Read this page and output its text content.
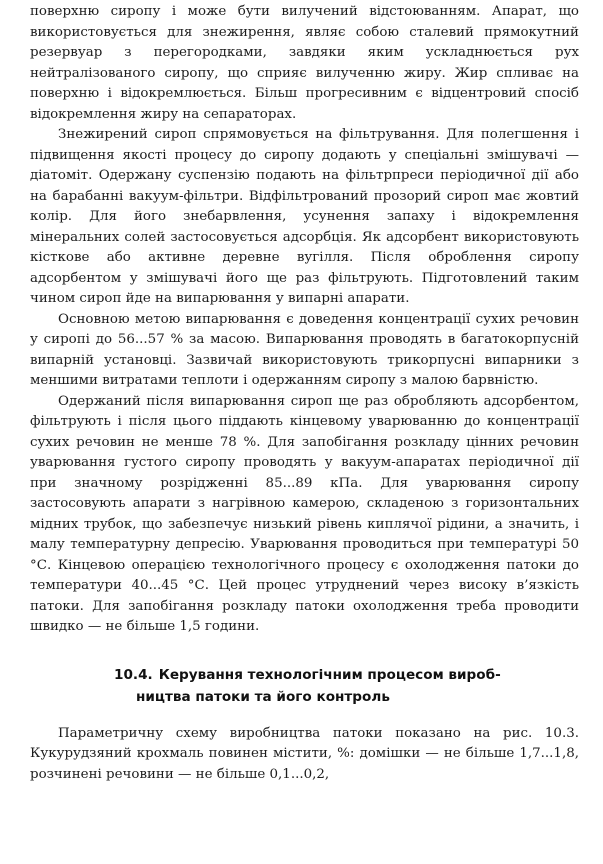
поверхню сиропу і може бути вилучений відстоюванням. Апарат, що використовується для знежирення, являє собою сталевий прямокутний резервуар з перегородками, завдяки яким ускладнюється рух нейтралізованого сиропу, що сприяє вилученню жиру. Жир спливає на поверхню і відокремлюється. Більш прогресивним є відцентровий спосіб відокремлення жиру на сепараторах.

Знежирений сироп спрямовується на фільтрування. Для полегшення і підвищення якості процесу до сиропу додають у спеціальні змішувачі — діатоміт. Одержану суспензію подають на фільтрпреси періодичної дії або на барабанні вакуум-фільтри. Відфільтрований прозорий сироп має жовтий колір. Для його знебарвлення, усунення запаху і відокремлення мінеральних солей застосовується адсорбція. Як адсорбент використовують кісткове або активне деревне вугілля. Після оброблення сиропу адсорбентом у змішувачі його ще раз фільтрують. Підготовлений таким чином сироп йде на випарювання у випарні апарати.

Основною метою випарювання є доведення концентрації сухих речовин у сиропі до 56...57 % за масою. Випарювання проводять в багатокорпусній випарній установці. Зазвичай використовують трикорпусні випарники з меншими витратами теплоти і одержанням сиропу з малою барвністю.

Одержаний після випарювання сироп ще раз обробляють адсорбентом, фільтрують і після цього піддають кінцевому уварюванню до концентрації сухих речовин не менше 78 %. Для запобігання розкладу цінних речовин уварювання густого сиропу проводять у вакуум-апаратах періодичної дії при значному розрідженні 85...89 кПа. Для уварювання сиропу застосовують апарати з нагрівною камерою, складеною з горизонтальних мідних трубок, що забезпечує низький рівень киплячої рідини, а значить, і малу температурну депресію. Уварювання проводиться при температурі 50 °С. Кінцевою операцією технологічного процесу є охолодження патоки до температури 40...45 °С. Цей процес утруднений через високу в’язкість патоки. Для запобігання розкладу патоки охолодження треба проводити швидко — не більше 1,5 години.

10.4. Керування технологічним процесом вироб-
ництва патоки та його контроль

Параметричну схему виробництва патоки показано на рис. 10.3. Кукурудзяний крохмаль повинен містити, %: домішки — не більше 1,7...1,8, розчинені речовини — не більше 0,1...0,2,
